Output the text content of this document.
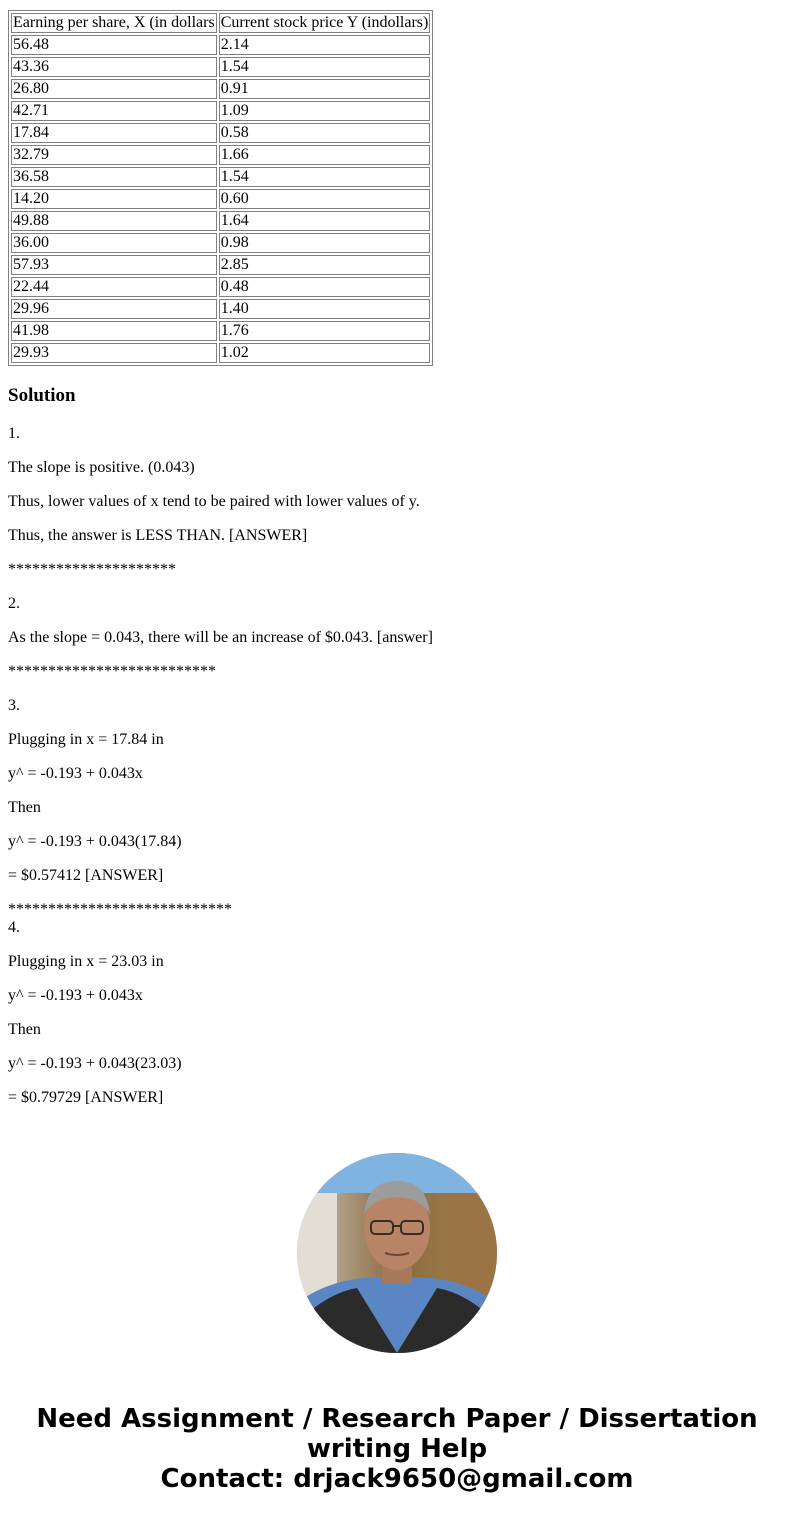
Earning per share, X (in dollars	Current stock price Y (indollars)
56.48	2.14
43.36	1.54
26.80	0.91
42.71	1.09
17.84	0.58
32.79	1.66
36.58	1.54
14.20	0.60
49.88	1.64
36.00	0.98
57.93	2.85
22.44	0.48
29.96	1.40
41.98	1.76
29.93	1.02
Solution

1.

The slope is positive. (0.043)

Thus, lower values of x tend to be paired with lower values of y.

Thus, the answer is LESS THAN. [ANSWER]

*********************

2.

As the slope = 0.043, there will be an increase of $0.043. [answer]

**************************

3.

Plugging in x = 17.84 in

y^ = -0.193 + 0.043x

Then

y^ = -0.193 + 0.043(17.84)

= $0.57412 [ANSWER]

****************************

4.

Plugging in x = 23.03 in

y^ = -0.193 + 0.043x

Then

y^ = -0.193 + 0.043(23.03)

= $0.79729 [ANSWER]

Need Assignment / Research Paper / Dissertation
writing Help
Contact: drjack9650@gmail.com
